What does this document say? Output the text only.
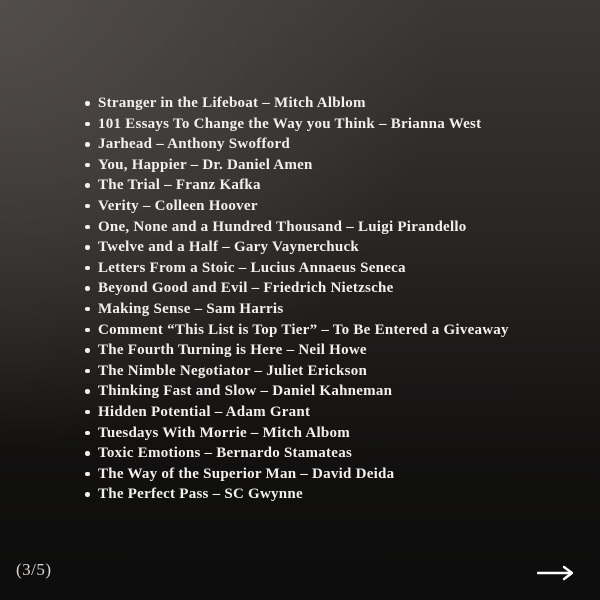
Stranger in the Lifeboat – Mitch Alblom
101 Essays To Change the Way you Think – Brianna West
Jarhead – Anthony Swofford
You, Happier – Dr. Daniel Amen
The Trial – Franz Kafka
Verity – Colleen Hoover
One, None and a Hundred Thousand – Luigi Pirandello
Twelve and a Half – Gary Vaynerchuck
Letters From a Stoic – Lucius Annaeus Seneca
Beyond Good and Evil – Friedrich Nietzsche
Making Sense – Sam Harris
Comment “This List is Top Tier” – To Be Entered a Giveaway
The Fourth Turning is Here – Neil Howe
The Nimble Negotiator – Juliet Erickson
Thinking Fast and Slow – Daniel Kahneman
Hidden Potential – Adam Grant
Tuesdays With Morrie – Mitch Albom
Toxic Emotions – Bernardo Stamateas
The Way of the Superior Man – David Deida
The Perfect Pass – SC Gwynne
(3/5)
